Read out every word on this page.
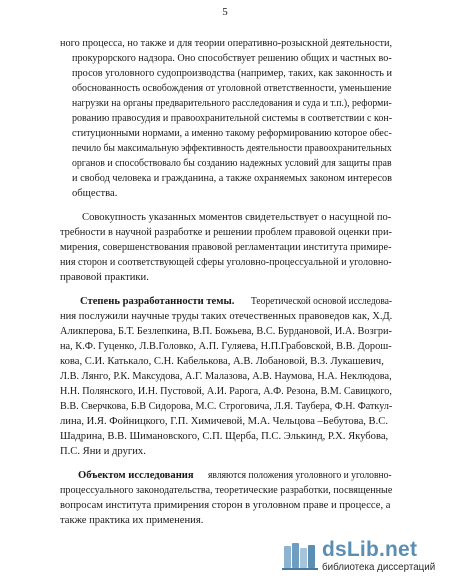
5
ного процесса, но также и для теории оперативно-розыскной деятельности,
прокурорского надзора. Оно способствует решению общих и частных во-
просов уголовного судопроизводства (например, таких, как законность и
обоснованность освобождения от уголовной ответственности, уменьшение
нагрузки на органы предварительного расследования и суда и т.п.), реформи-
рованию правосудия и правоохранительной системы в соответствии с кон-
ституционными нормами, а именно такому реформированию которое обес-
печило бы максимальную эффективность деятельности правоохранительных
органов и способствовало бы созданию надежных условий для защиты прав
и свобод человека и гражданина, а также охраняемых законом интересов
общества.
Совокупность указанных моментов свидетельствует о насущной по-
требности в научной разработке и решении проблем правовой оценки при-
мирения, совершенствования правовой регламентации института примире-
ния сторон и соответствующей сферы уголовно-процессуальной и уголовно-
правовой практики.
Степень разработанности темы. Теоретической основой исследова-
ния послужили научные труды таких отечественных правоведов как, Х.Д.
Аликперова, Б.Т. Безлепкина, В.П. Божьева, В.С. Бурдановой, И.А. Возгри-
на, К.Ф. Гуценко, Л.В.Головко, А.П. Гуляева, Н.П.Грабовской, В.В. Дорош-
кова, С.И. Катькало, С.Н. Кабелькова, А.В. Лобановой, В.З. Лукашевич,
Л.В. Лянго, Р.К. Максудова, А.Г. Малазова, А.В. Наумова, Н.А. Неклюдова,
Н.Н. Полянского, И.Н. Пустовой, А.И. Рарога, А.Ф. Резона, В.М. Савицкого,
В.В. Сверчкова, Б.В Сидорова, М.С. Строговича, Л.Я. Таубера, Ф.Н. Фаткул-
лина, И.Я. Фойницкого, Г.П. Химичевой, М.А. Чельцова –Бебутова, В.С.
Шадрина, В.В. Шимановского, С.П. Щерба, П.С. Элькинд, Р.Х. Якубова,
П.С. Яни и других.
Объектом исследования являются положения уголовного и уголовно-
процессуального законодательства, теоретические разработки, посвященные
вопросам института примирения сторон в уголовном праве и процессе, а
также практика их применения.
dsLib.net
библиотека диссертаций
